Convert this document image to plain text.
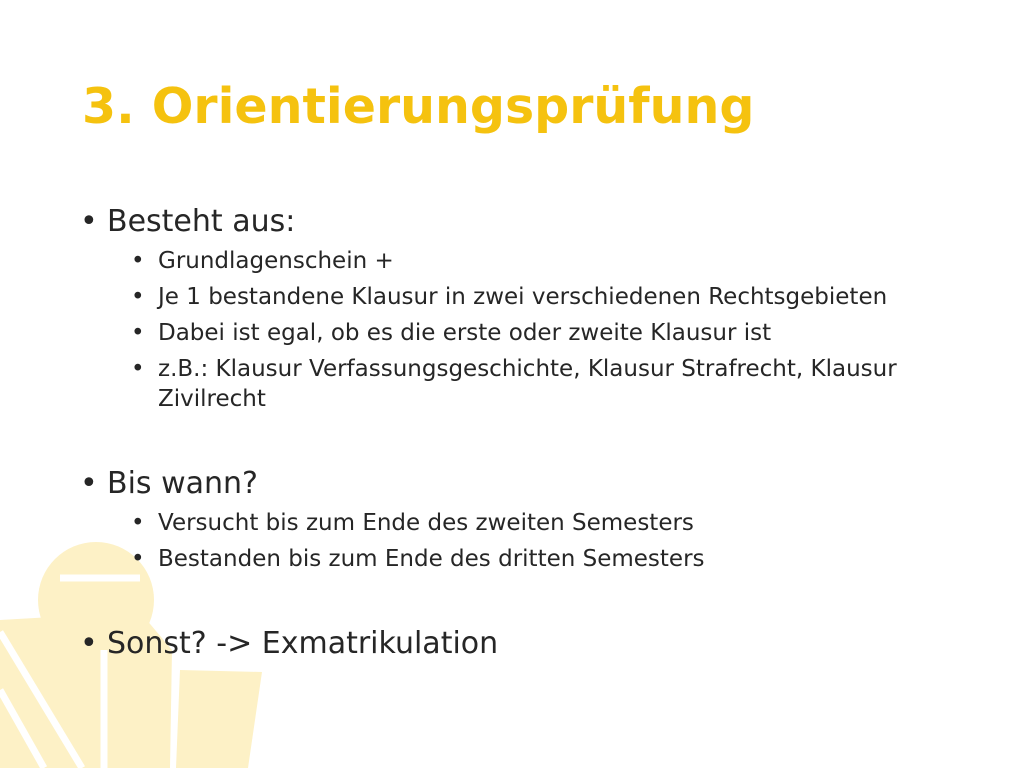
3. Orientierungsprüfung
• Besteht aus:
• Grundlagenschein +
• Je 1 bestandene Klausur in zwei verschiedenen Rechtsgebieten
• Dabei ist egal, ob es die erste oder zweite Klausur ist
• z.B.: Klausur Verfassungsgeschichte, Klausur Strafrecht, Klausur Zivilrecht
• Bis wann?
• Versucht bis zum Ende des zweiten Semesters
• Bestanden bis zum Ende des dritten Semesters
• Sonst? -> Exmatrikulation
